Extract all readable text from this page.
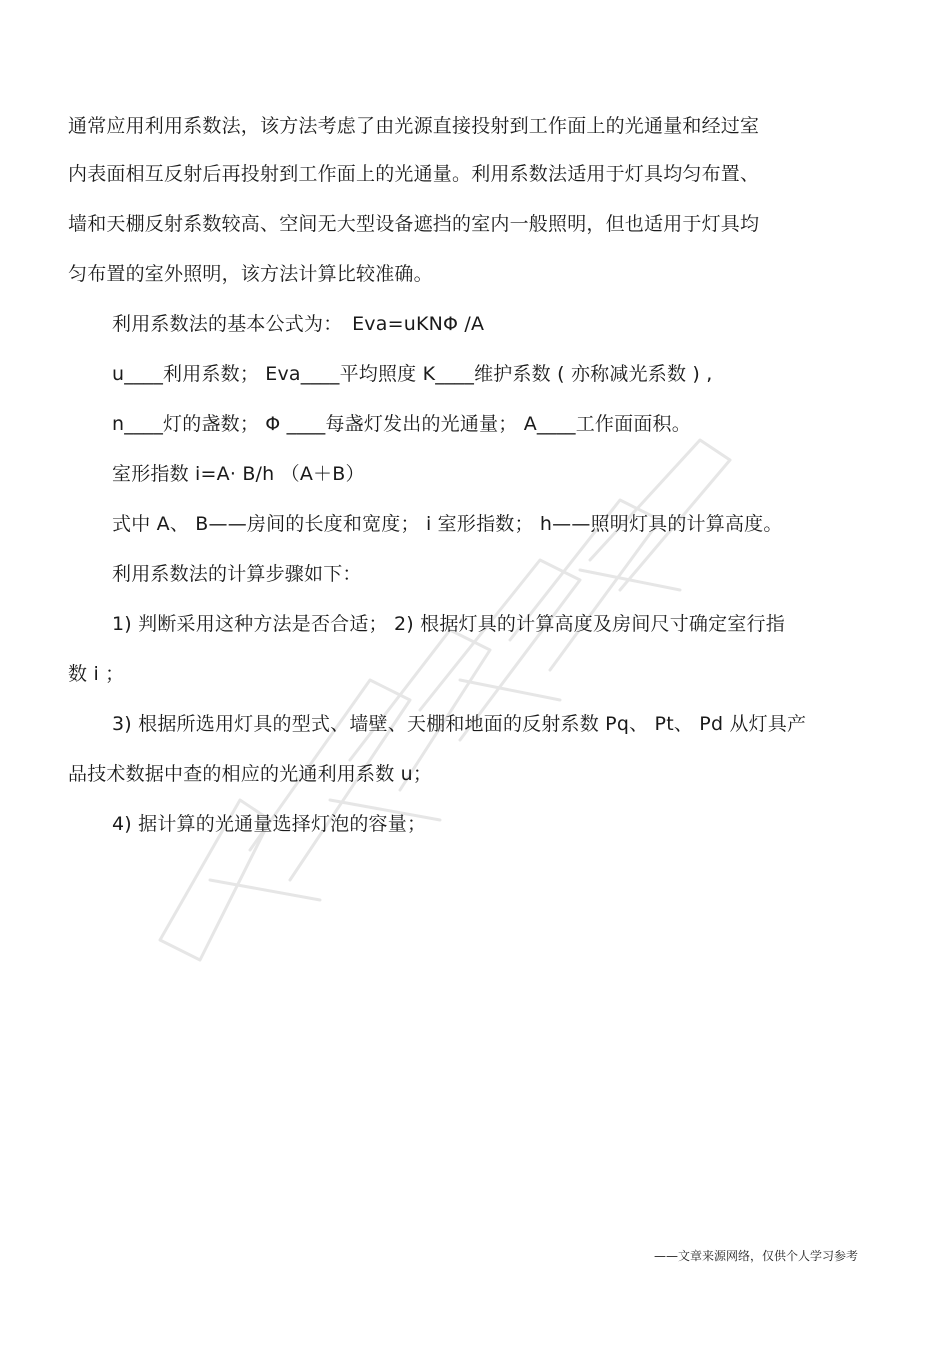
通常应用利用系数法，该方法考虑了由光源直接投射到工作面上的光通量和经过室
内表面相互反射后再投射到工作面上的光通量。利用系数法适用于灯具均匀布置、
墙和天棚反射系数较高、空间无大型设备遮挡的室内一般照明，但也适用于灯具均
匀布置的室外照明，该方法计算比较准确。
利用系数法的基本公式为：　Eva=uKNΦ /A
u____利用系数； Eva____平均照度 K____维护系数 ( 亦称减光系数 ) ,
n____灯的盏数； Φ ____每盏灯发出的光通量； A____工作面面积。
室形指数 i=A· B/h （A＋B）
式中 A、 B——房间的长度和宽度； i 室形指数； h——照明灯具的计算高度。
利用系数法的计算步骤如下：
1) 判断采用这种方法是否合适； 2) 根据灯具的计算高度及房间尺寸确定室行指
数 i ；
3) 根据所选用灯具的型式、墙壁、天棚和地面的反射系数 Pq、 Pt、 Pd 从灯具产
品技术数据中查的相应的光通利用系数 u；
4) 据计算的光通量选择灯泡的容量；
——文章来源网络，仅供个人学习参考
